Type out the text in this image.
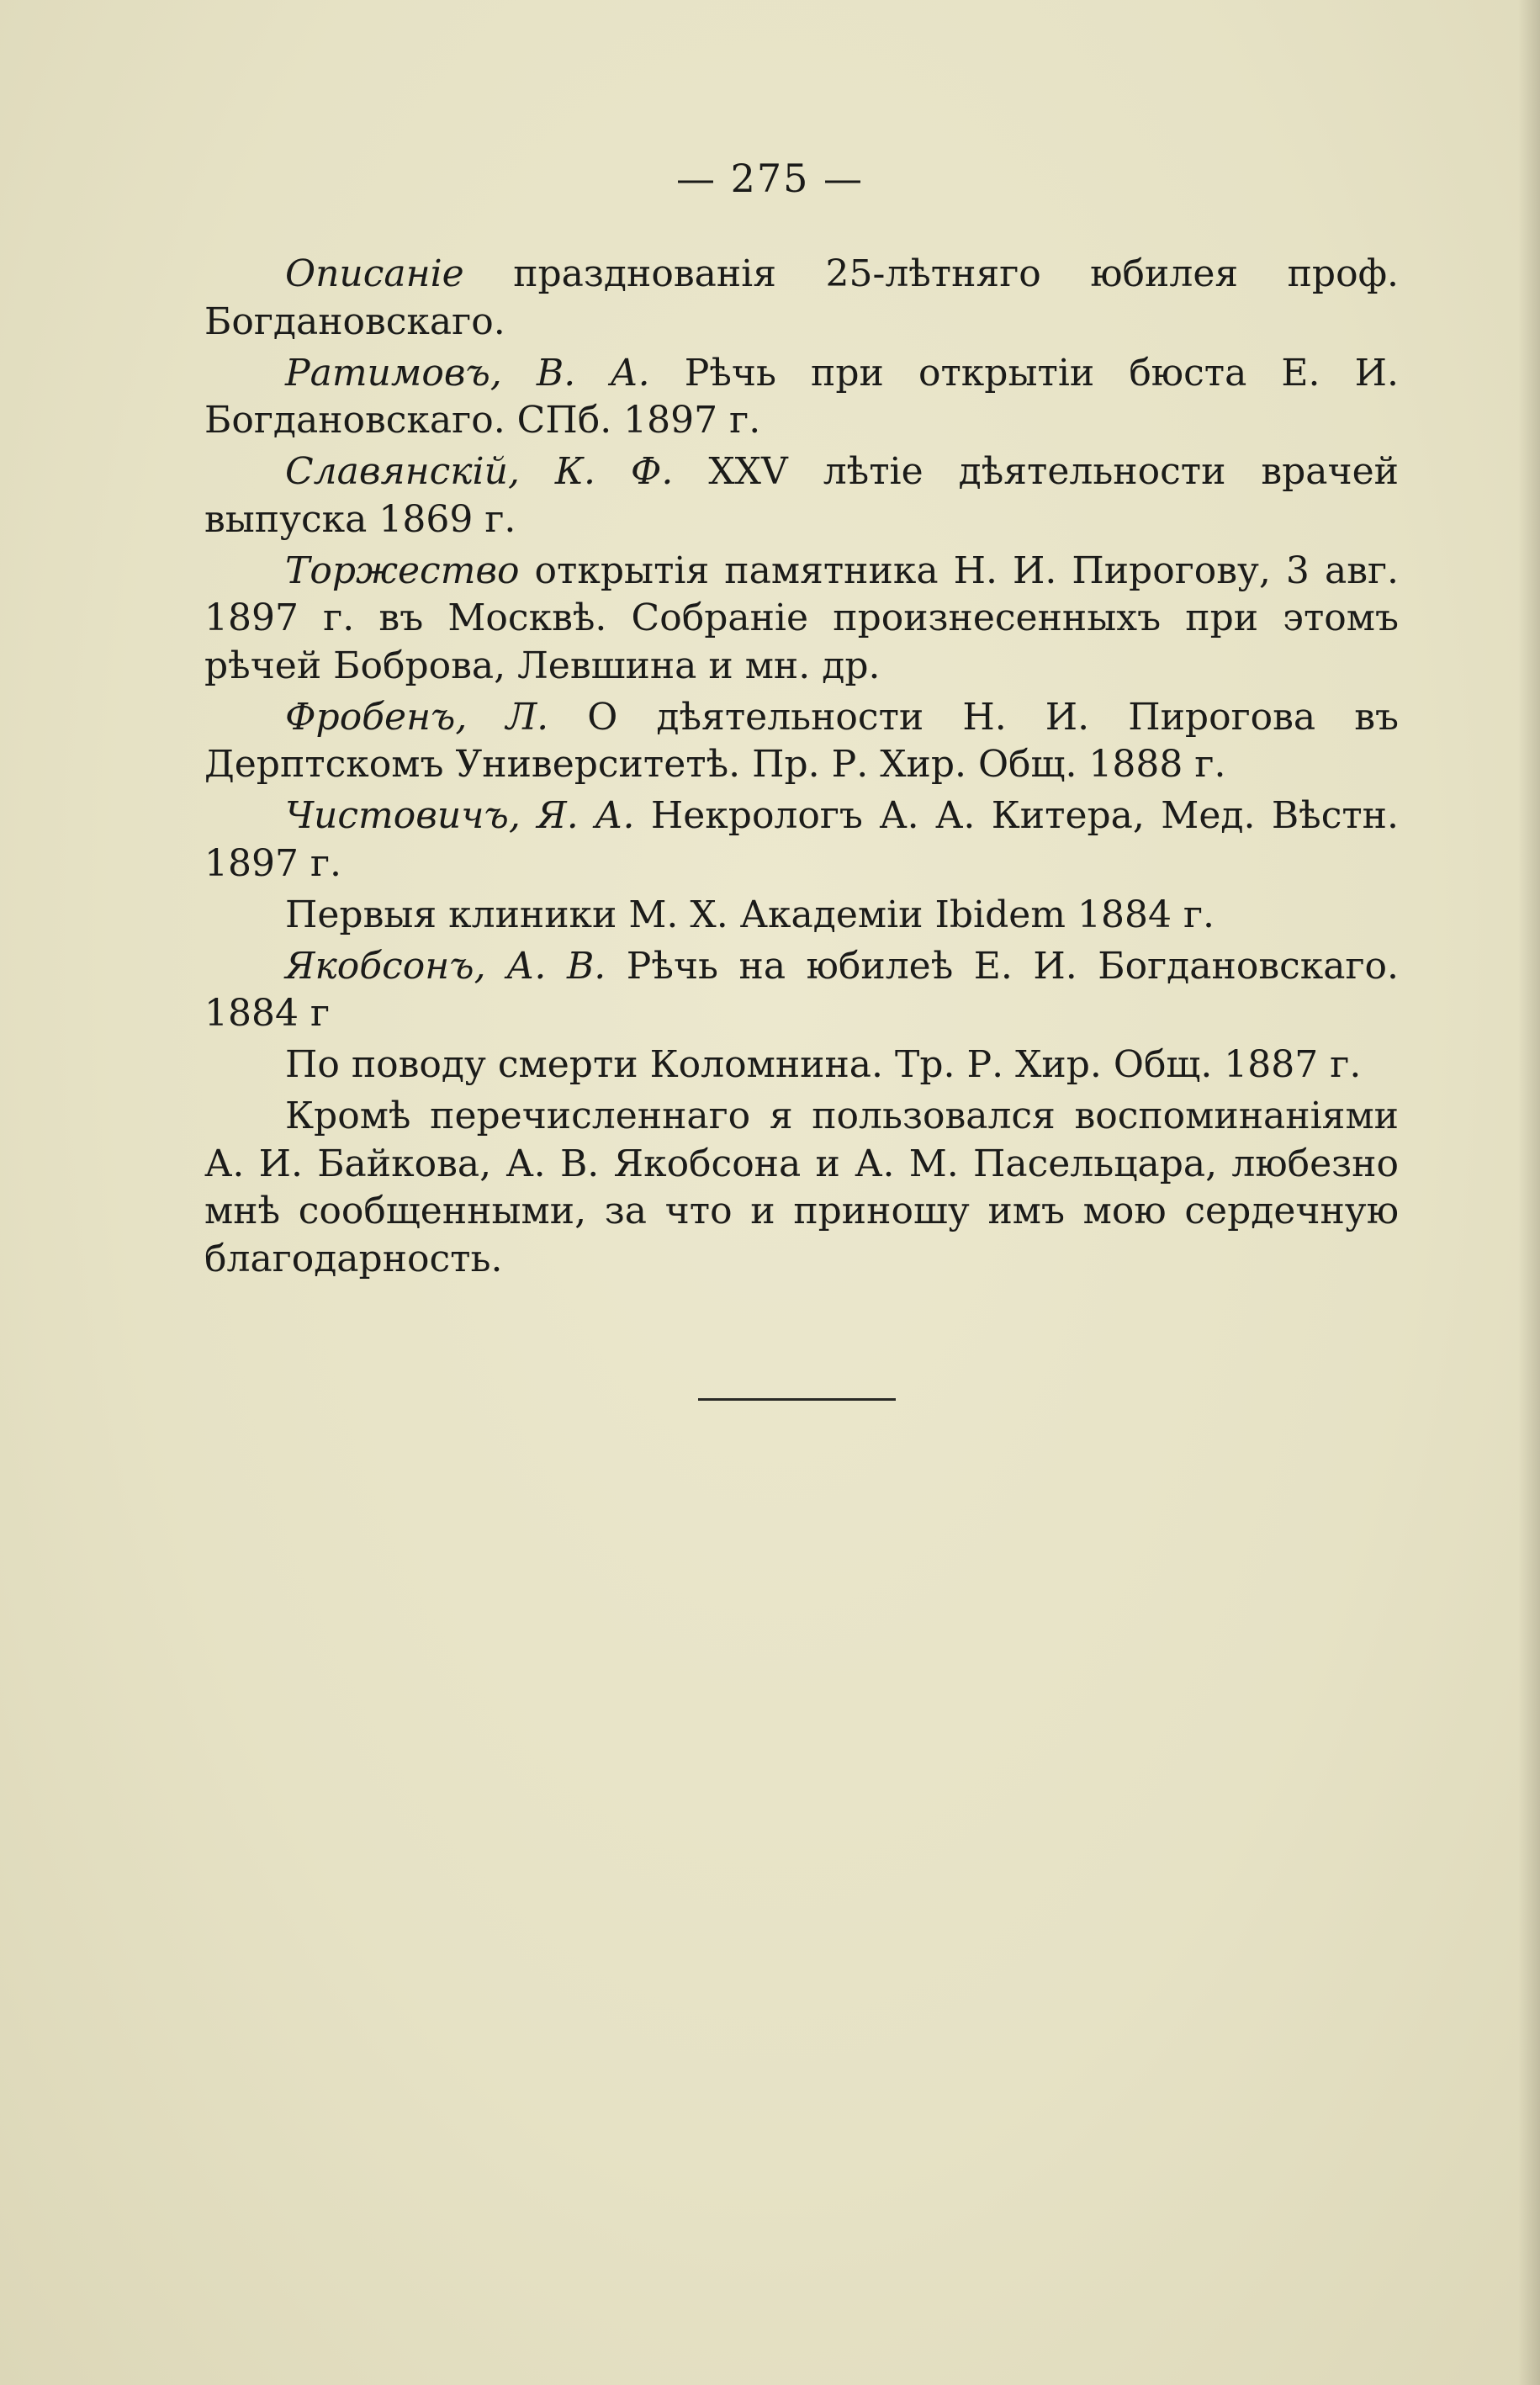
— 275 —

Описанiе празднованiя 25-лѣтняго юбилея проф. Богдановскаго.

Ратимовъ, В. А. Рѣчь при открытiи бюста Е. И. Богдановскаго. СПб. 1897 г.

Славянскiй, К. Ф. XXV лѣтiе дѣятельности врачей выпуска 1869 г.

Торжество открытiя памятника Н. И. Пирогову, 3 авг. 1897 г. въ Москвѣ. Собранiе произнесенныхъ при этомъ рѣчей Боброва, Левшина и мн. др.

Фробенъ, Л. О дѣятельности Н. И. Пирогова въ Дерптскомъ Университетѣ. Пр. Р. Хир. Общ. 1888 г.

Чистовичъ, Я. А. Некрологъ А. А. Китера, Мед. Вѣстн. 1897 г.

Первыя клиники М. X. Академiи Ibidem 1884 г.

Якобсонъ, А. В. Рѣчь на юбилеѣ Е. И. Богдановскаго. 1884 г

По поводу смерти Коломнина. Тр. Р. Хир. Общ. 1887 г.

Кромѣ перечисленнаго я пользовался воспоминанiями А. И. Байкова, А. В. Якобсона и А. М. Пасельцара, любезно мнѣ сообщенными, за что и приношу имъ мою сердечную благодарность.
